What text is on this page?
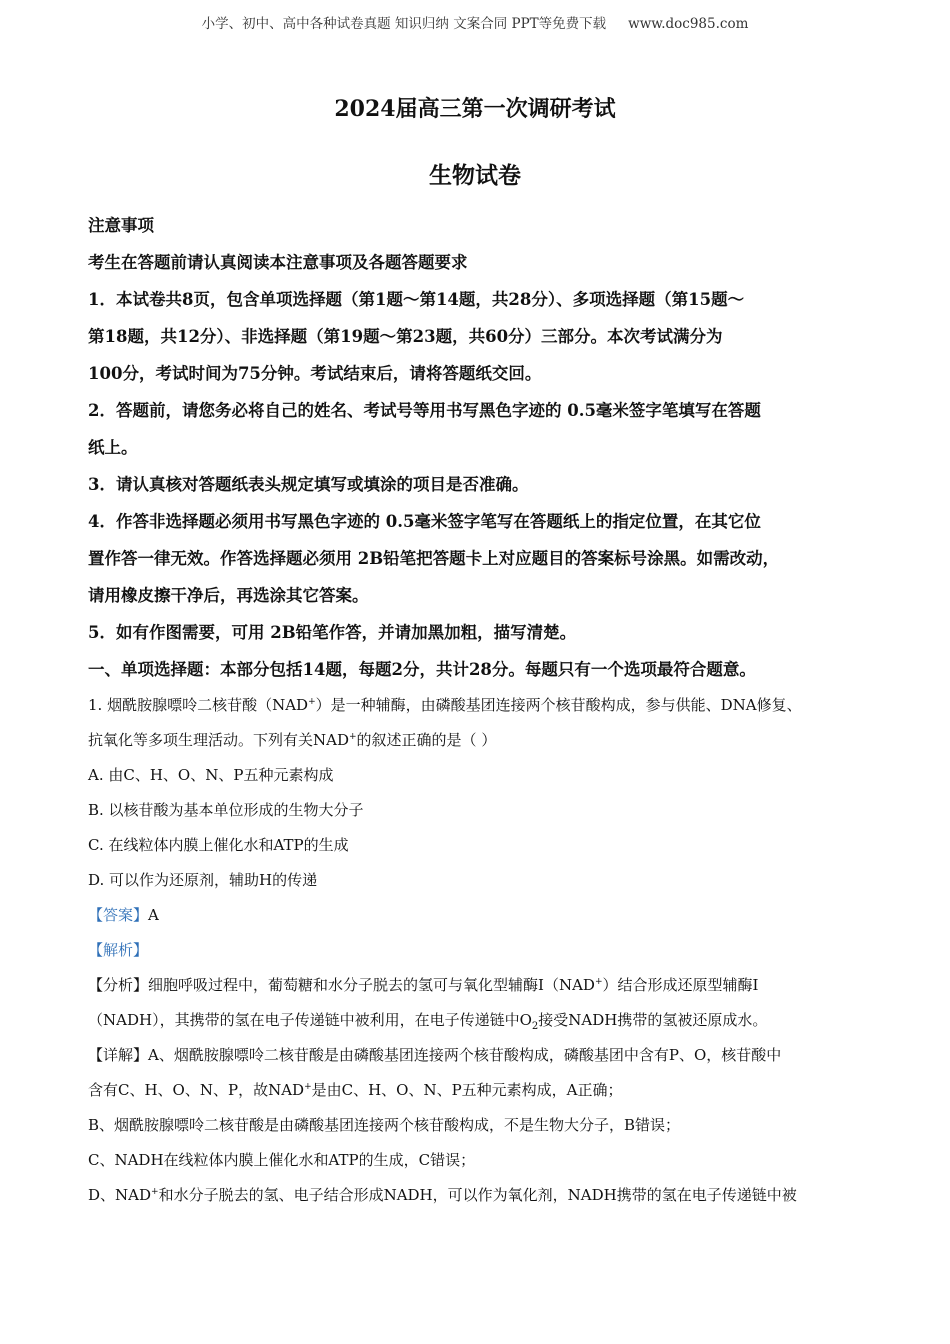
小学、初中、高中各种试卷真题 知识归纳 文案合同 PPT等免费下载 www.doc985.com
2024届高三第一次调研考试
生物试卷

注意事项

考生在答题前请认真阅读本注意事项及各题答题要求

1．本试卷共8页，包含单项选择题（第1题～第14题，共28分）、多项选择题（第15题～

第18题，共12分）、非选择题（第19题～第23题，共60分）三部分。本次考试满分为

100分，考试时间为75分钟。考试结束后，请将答题纸交回。

2．答题前，请您务必将自己的姓名、考试号等用书写黑色字迹的 0.5毫米签字笔填写在答题

纸上。

3．请认真核对答题纸表头规定填写或填涂的项目是否准确。

4．作答非选择题必须用书写黑色字迹的 0.5毫米签字笔写在答题纸上的指定位置，在其它位

置作答一律无效。作答选择题必须用 2B铅笔把答题卡上对应题目的答案标号涂黑。如需改动，

请用橡皮擦干净后，再选涂其它答案。

5．如有作图需要，可用 2B铅笔作答，并请加黑加粗，描写清楚。

一、单项选择题：本部分包括14题，每题2分，共计28分。每题只有一个选项最符合题意。

1. 烟酰胺腺嘌呤二核苷酸（NAD+）是一种辅酶，由磷酸基团连接两个核苷酸构成，参与供能、DNA修复、

抗氧化等多项生理活动。下列有关NAD+的叙述正确的是（ ）

A. 由C、H、O、N、P五种元素构成

B. 以核苷酸为基本单位形成的生物大分子

C. 在线粒体内膜上催化水和ATP的生成

D. 可以作为还原剂，辅助H的传递

【答案】A

【解析】

【分析】细胞呼吸过程中，葡萄糖和水分子脱去的氢可与氧化型辅酶Ⅰ（NAD+）结合形成还原型辅酶Ⅰ

（NADH），其携带的氢在电子传递链中被利用，在电子传递链中$O_2$接受NADH携带的氢被还原成水。

【详解】A、烟酰胺腺嘌呤二核苷酸是由磷酸基团连接两个核苷酸构成，磷酸基团中含有P、O，核苷酸中

含有C、H、O、N、P，故NAD+是由C、H、O、N、P五种元素构成，A正确；

B、烟酰胺腺嘌呤二核苷酸是由磷酸基团连接两个核苷酸构成，不是生物大分子，B错误；

C、NADH在线粒体内膜上催化水和ATP的生成，C错误；

D、NAD+和水分子脱去的氢、电子结合形成NADH，可以作为氧化剂，NADH携带的氢在电子传递链中被
